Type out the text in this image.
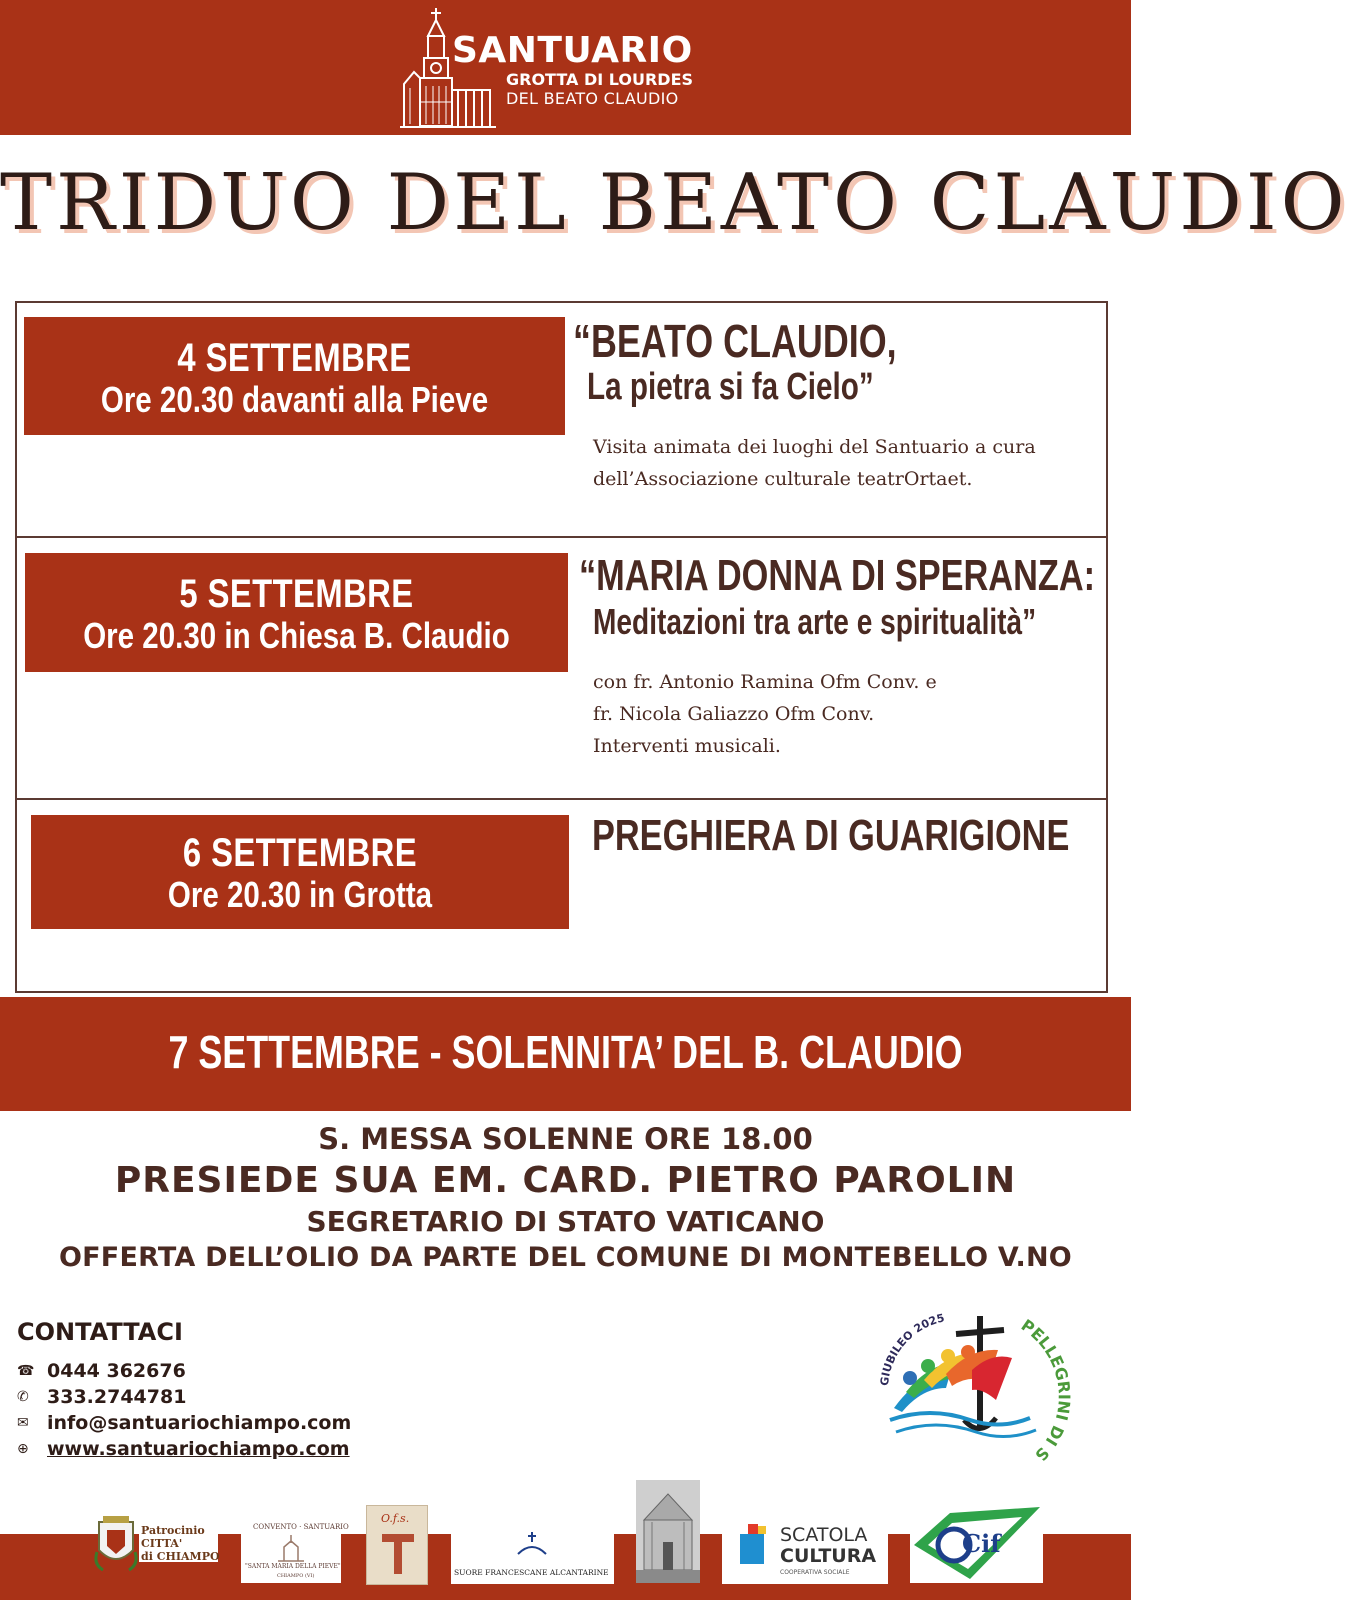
SANTUARIO
GROTTA DI LOURDES
DEL BEATO CLAUDIO
TRIDUO DEL BEATO CLAUDIO
4 SETTEMBRE
Ore 20.30 davanti alla Pieve
“BEATO CLAUDIO,
La pietra si fa Cielo”
Visita animata dei luoghi del Santuario a cura
dell’Associazione culturale teatrOrtaet.
5 SETTEMBRE
Ore 20.30 in Chiesa B. Claudio
“MARIA DONNA DI SPERANZA:
Meditazioni tra arte e spiritualità”
con fr. Antonio Ramina Ofm Conv. e
fr. Nicola Galiazzo Ofm Conv.
Interventi musicali.
6 SETTEMBRE
Ore 20.30 in Grotta
PREGHIERA DI GUARIGIONE
7 SETTEMBRE - SOLENNITA’ DEL B. CLAUDIO
S. MESSA SOLENNE ORE 18.00
PRESIEDE SUA EM. CARD. PIETRO PAROLIN
SEGRETARIO DI STATO VATICANO
OFFERTA DELL’OLIO DA PARTE DEL COMUNE DI MONTEBELLO V.NO
CONTATTACI
☎ 0444 362676
✆ 333.2744781
✉ info@santuariochiampo.com
⊕ www.santuariochiampo.com
IUBILEO 2025	PELLEGRINI DI S
Patrocinio
CITTA'
di CHIAMPO
CONVENTO · SANTUARIO
"SANTA MARIA DELLA PIEVE"
CHIAMPO (VI)
O.f.s.
SUORE FRANCESCANE ALCANTARINE
SCATOLA
CULTURA
COOPERATIVA SOCIALE
Cif
